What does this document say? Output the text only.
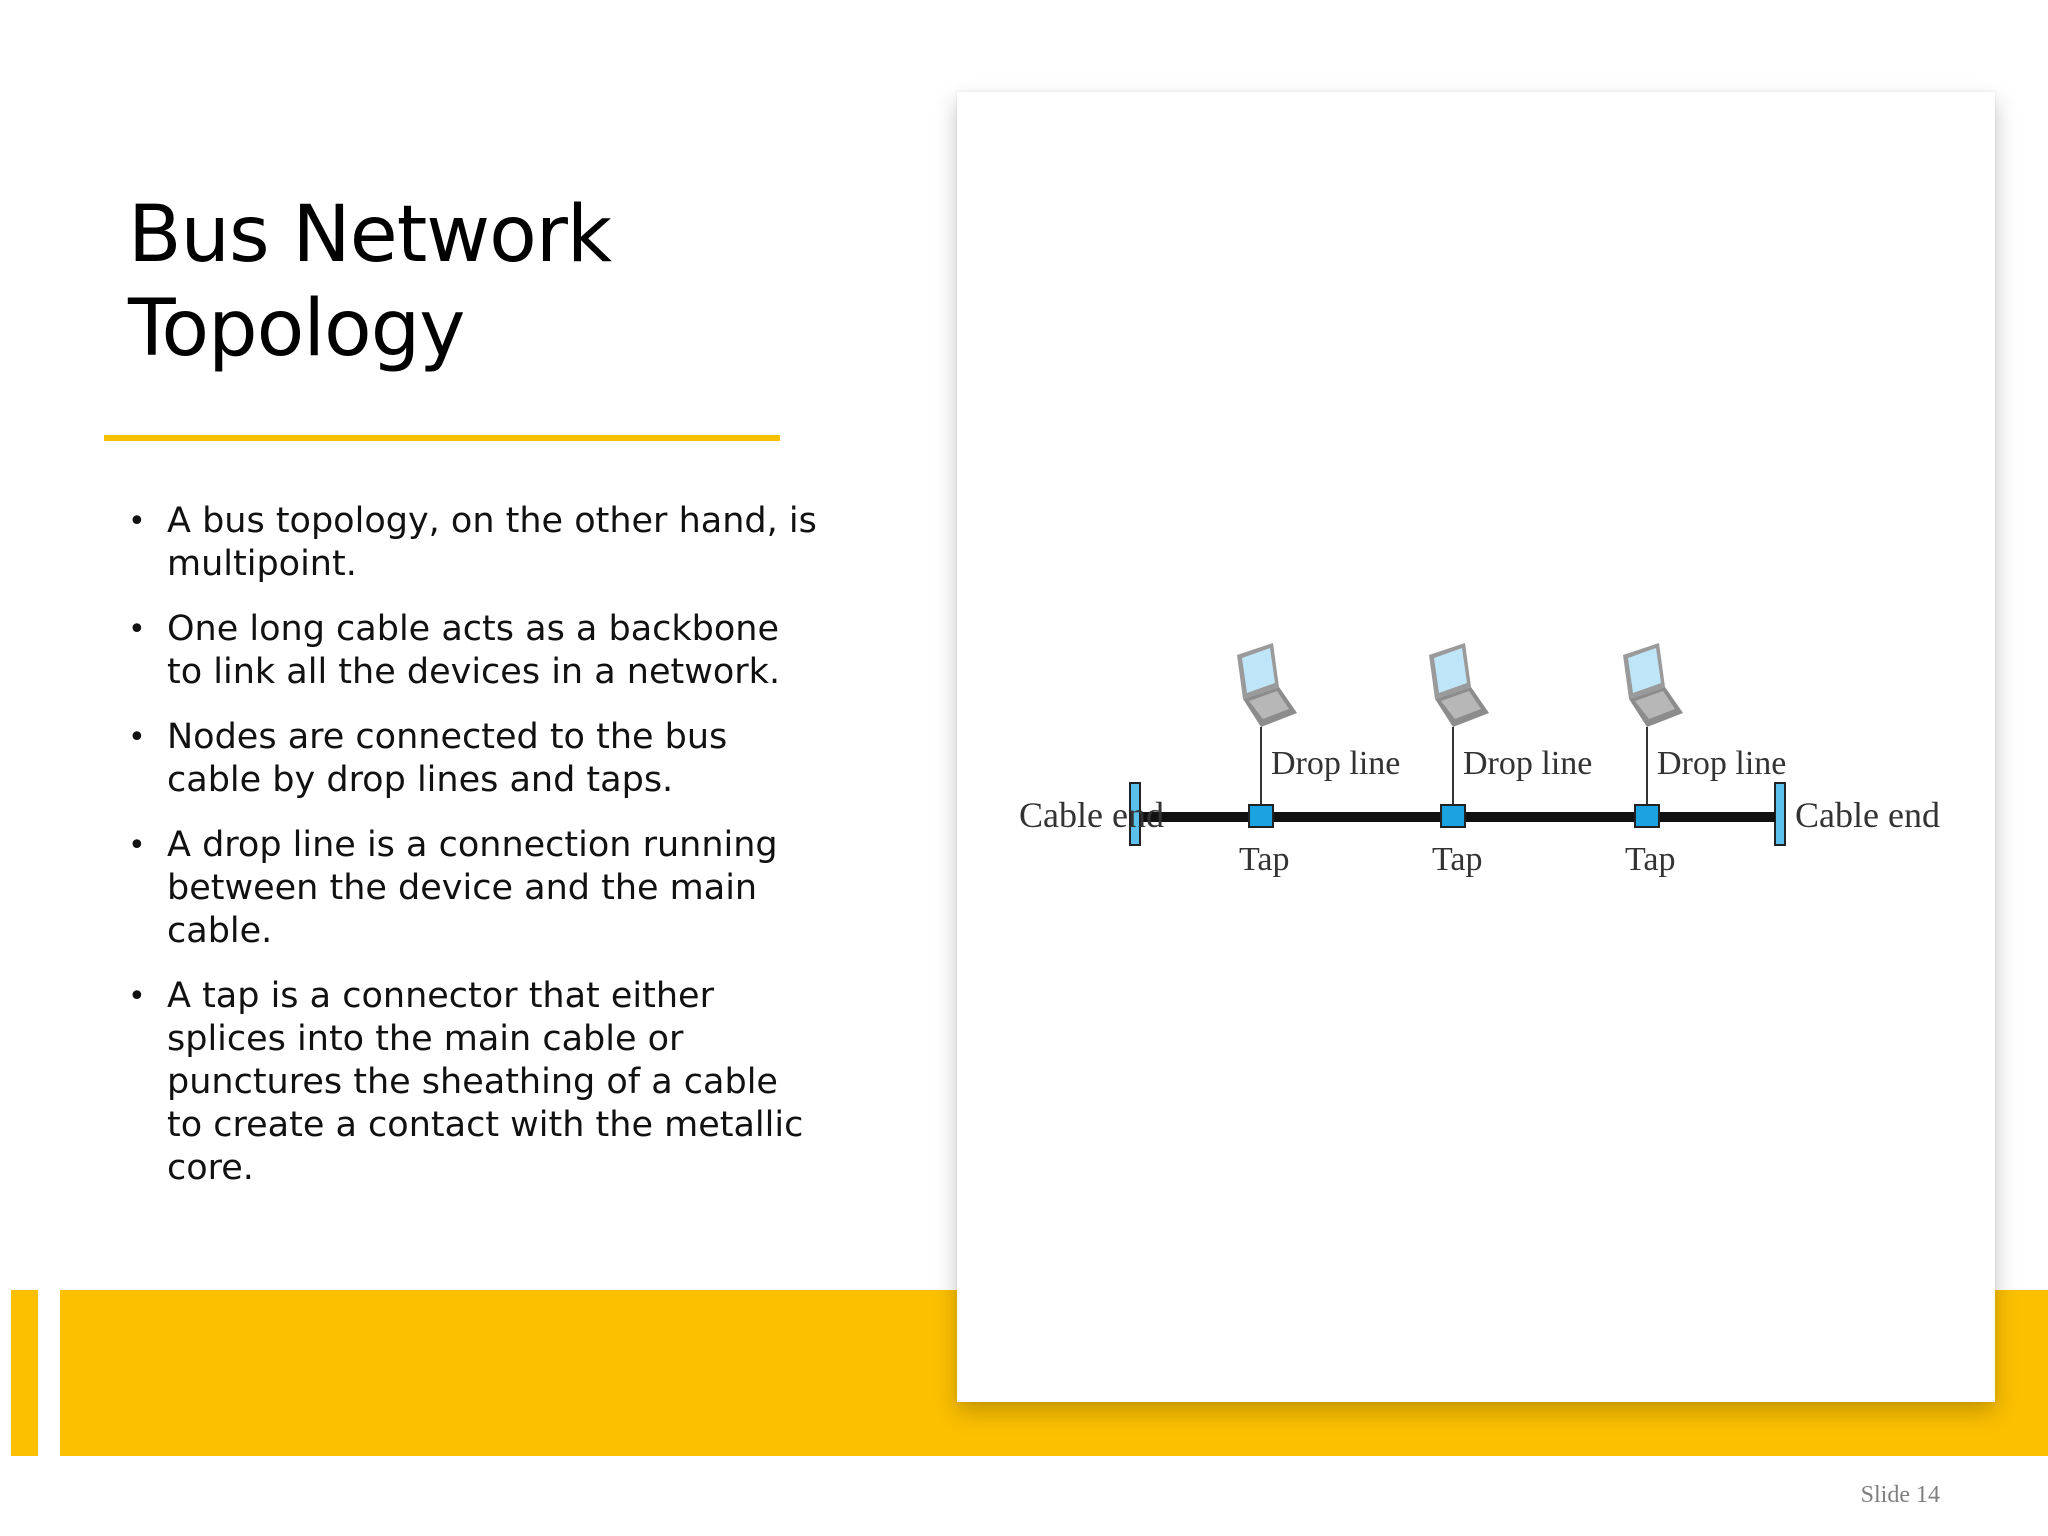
Bus Network
Topology
• A bus topology, on the other hand, is multipoint.
• One long cable acts as a backbone to link all the devices in a network.
• Nodes are connected to the bus cable by drop lines and taps.
• A drop line is a connection running between the device and the main cable.
• A tap is a connector that either splices into the main cable or punctures the sheathing of a cable to create a contact with the metallic core.
Cable end	Cable end
Drop line Drop line Drop line
Tap	Tap	Tap
Slide 14
